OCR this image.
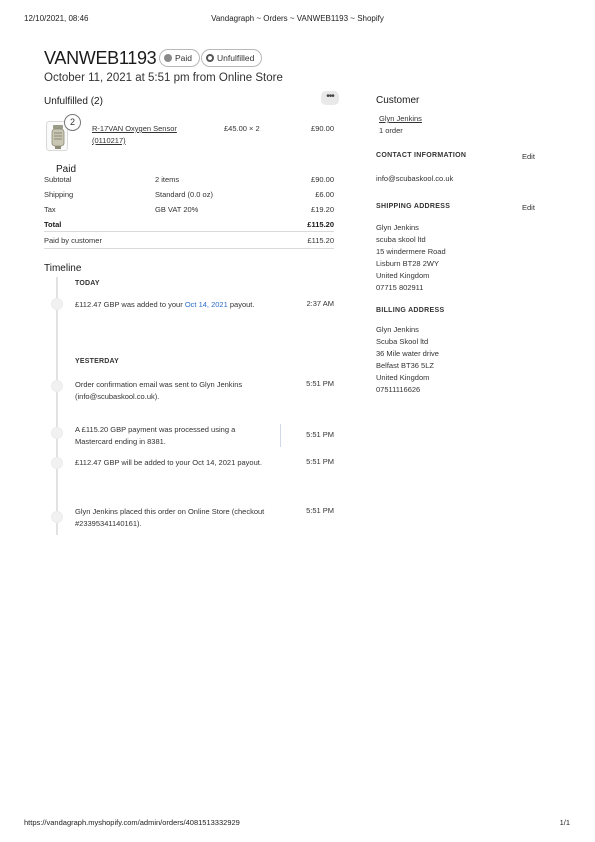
12/10/2021, 08:46	Vandagraph ~ Orders ~ VANWEB1193 ~ Shopify
VANWEB1193 Paid	Unfulfilled
October 11, 2021 at 5:51 pm from Online Store
Unfulfilled (2)	•••
2
R-17VAN Oxygen Sensor
(0110217)
£45.00 × 2	£90.00
Paid
Subtotal	2 items	£90.00
Shipping	Standard (0.0 oz)	£6.00
Tax	GB VAT 20%	£19.20
Total	£115.20
Paid by customer	£115.20
Timeline
TODAY
£112.47 GBP was added to your Oct 14, 2021 payout.	2:37 AM
YESTERDAY
Order confirmation email was sent to Glyn Jenkins
(info@scubaskool.co.uk).
5:51 PM
A £115.20 GBP payment was processed using a
Mastercard ending in 8381.
5:51 PM
£112.47 GBP will be added to your Oct 14, 2021 payout.	5:51 PM
Glyn Jenkins placed this order on Online Store (checkout
#23395341140161).
5:51 PM
Customer
Glyn Jenkins
1 order
CONTACT INFORMATION	Edit
info@scubaskool.co.uk
SHIPPING ADDRESS	Edit
Glyn Jenkins
scuba skool ltd
15 windermere Road
Lisburn BT28 2WY
United Kingdom
07715 802911
BILLING ADDRESS
Glyn Jenkins
Scuba Skool ltd
36 Mile water drive
Belfast BT36 5LZ
United Kingdom
07511116626
https://vandagraph.myshopify.com/admin/orders/4081513332929	1/1
